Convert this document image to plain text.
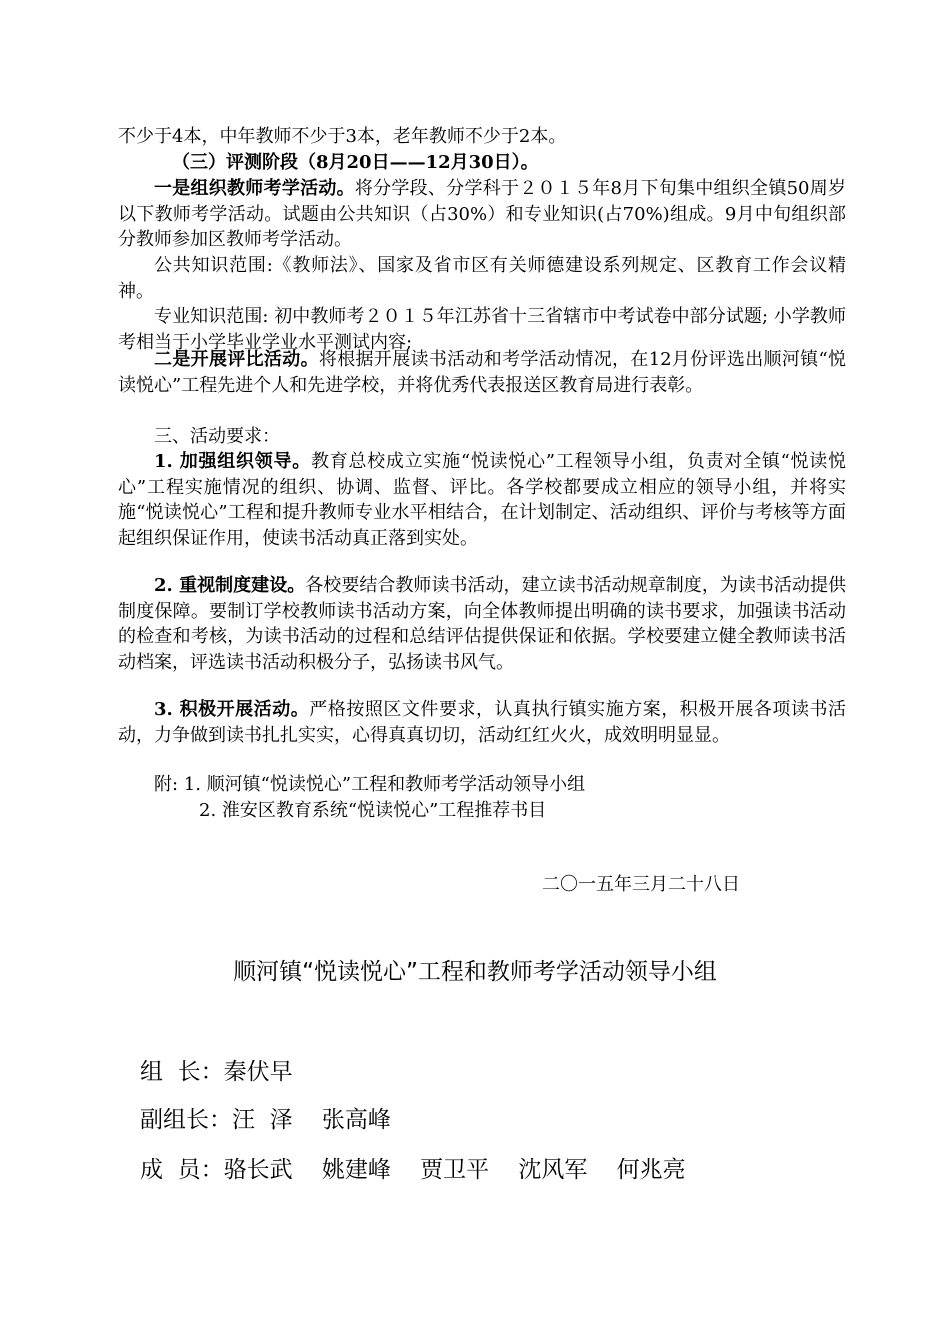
不少于4本，中年教师不少于3本，老年教师不少于2本。

（三）评测阶段（8月20日——12月30日）。

一是组织教师考学活动。将分学段、分学科于２０１５年8月下旬集中组织全镇50周岁以下教师考学活动。试题由公共知识（占30%）和专业知识(占70%)组成。9月中旬组织部分教师参加区教师考学活动。

公共知识范围:《教师法》、国家及省市区有关师德建设系列规定、区教育工作会议精神。

专业知识范围: 初中教师考２０１５年江苏省十三省辖市中考试卷中部分试题; 小学教师考相当于小学毕业学业水平测试内容;

二是开展评比活动。将根据开展读书活动和考学活动情况，在12月份评选出顺河镇“悦读悦心”工程先进个人和先进学校，并将优秀代表报送区教育局进行表彰。

三、活动要求：

1. 加强组织领导。教育总校成立实施“悦读悦心”工程领导小组，负责对全镇“悦读悦心”工程实施情况的组织、协调、监督、评比。各学校都要成立相应的领导小组，并将实施“悦读悦心”工程和提升教师专业水平相结合，在计划制定、活动组织、评价与考核等方面起组织保证作用，使读书活动真正落到实处。

2. 重视制度建设。各校要结合教师读书活动，建立读书活动规章制度，为读书活动提供制度保障。要制订学校教师读书活动方案，向全体教师提出明确的读书要求，加强读书活动的检查和考核，为读书活动的过程和总结评估提供保证和依据。学校要建立健全教师读书活动档案，评选读书活动积极分子，弘扬读书风气。

3. 积极开展活动。严格按照区文件要求，认真执行镇实施方案，积极开展各项读书活动，力争做到读书扎扎实实，心得真真切切，活动红红火火，成效明明显显。

附: 1. 顺河镇“悦读悦心”工程和教师考学活动领导小组
2. 淮安区教育系统“悦读悦心”工程推荐书目
二〇一五年三月二十八日
顺河镇“悦读悦心”工程和教师考学活动领导小组
组  长：秦伏早
副组长：汪  泽    张高峰
成  员：骆长武    姚建峰    贾卫平    沈风军    何兆亮
